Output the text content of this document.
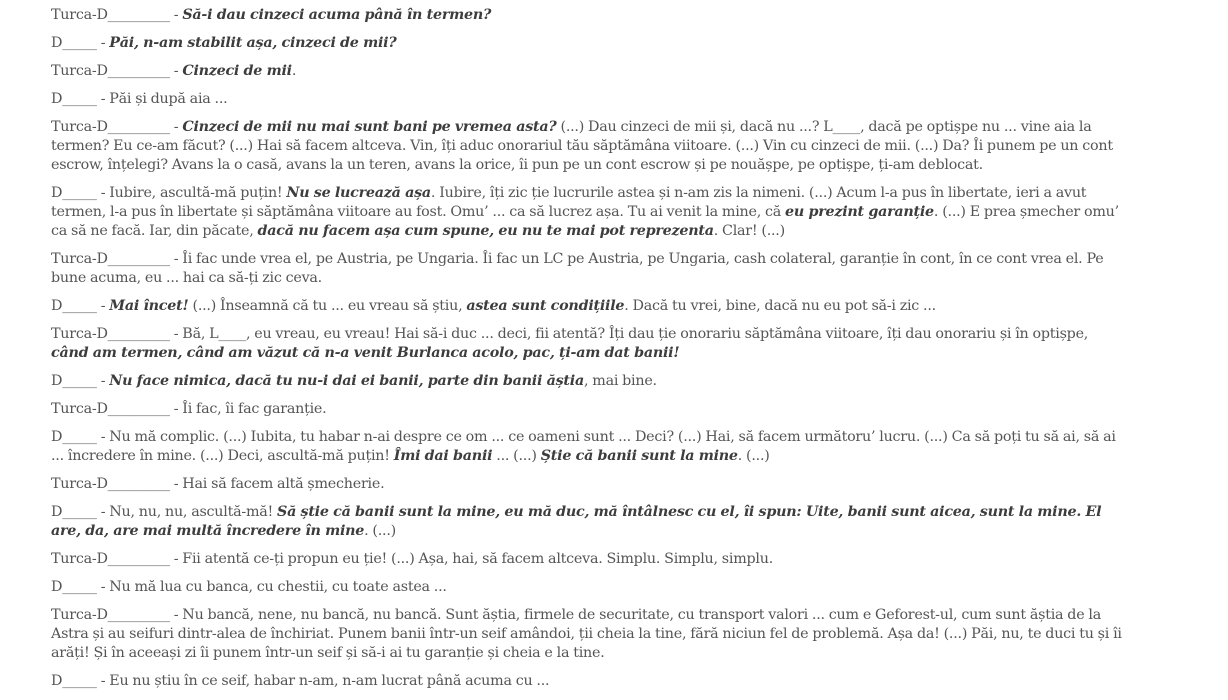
Turca-D_________ - Să-i dau cinzeci acuma până în termen?

D_____ - Păi, n-am stabilit așa, cinzeci de mii?

Turca-D_________ - Cinzeci de mii.

D_____ - Păi și după aia ...

Turca-D_________ - Cinzeci de mii nu mai sunt bani pe vremea asta? (...) Dau cinzeci de mii și, dacă nu ...? L____, dacă pe optișpe nu ... vine aia la termen? Eu ce-am făcut? (...) Hai să facem altceva. Vin, îți aduc onorariul tău săptămâna viitoare. (...) Vin cu cinzeci de mii. (...) Da? Îi punem pe un cont escrow, înțelegi? Avans la o casă, avans la un teren, avans la orice, îi pun pe un cont escrow și pe nouășpe, pe optișpe, ți-am deblocat.

D_____ - Iubire, ascultă-mă puțin! Nu se lucrează așa. Iubire, îți zic ție lucrurile astea și n-am zis la nimeni. (...) Acum l-a pus în libertate, ieri a avut termen, l-a pus în libertate și săptămâna viitoare au fost. Omu’ ... ca să lucrez așa. Tu ai venit la mine, că eu prezint garanție. (...) E prea șmecher omu’ ca să ne facă. Iar, din păcate, dacă nu facem așa cum spune, eu nu te mai pot reprezenta. Clar! (...)

Turca-D_________ - Îi fac unde vrea el, pe Austria, pe Ungaria. Îi fac un LC pe Austria, pe Ungaria, cash colateral, garanție în cont, în ce cont vrea el. Pe bune acuma, eu ... hai ca să-ți zic ceva.

D_____ - Mai încet! (...) Înseamnă că tu ... eu vreau să știu, astea sunt condițiile. Dacă tu vrei, bine, dacă nu eu pot să-i zic ...

Turca-D_________ - Bă, L____, eu vreau, eu vreau! Hai să-i duc ... deci, fii atentă? Îți dau ție onorariu săptămâna viitoare, îți dau onorariu și în optișpe, când am termen, când am văzut că n-a venit Burlanca acolo, pac, ți-am dat banii!

D_____ - Nu face nimica, dacă tu nu-i dai ei banii, parte din banii ăștia, mai bine.

Turca-D_________ - Îi fac, îi fac garanție.

D_____ - Nu mă complic. (...) Iubita, tu habar n-ai despre ce om ... ce oameni sunt ... Deci? (...) Hai, să facem următoru’ lucru. (...) Ca să poți tu să ai, să ai ... încredere în mine. (...) Deci, ascultă-mă puțin! Îmi dai banii ... (...) Știe că banii sunt la mine. (...)

Turca-D_________ - Hai să facem altă șmecherie.

D_____ - Nu, nu, nu, ascultă-mă! Să știe că banii sunt la mine, eu mă duc, mă întâlnesc cu el, îi spun: Uite, banii sunt aicea, sunt la mine. El are, da, are mai multă încredere în mine. (...)

Turca-D_________ - Fii atentă ce-ți propun eu ție! (...) Așa, hai, să facem altceva. Simplu. Simplu, simplu.

D_____ - Nu mă lua cu banca, cu chestii, cu toate astea ...

Turca-D_________ - Nu bancă, nene, nu bancă, nu bancă. Sunt ăștia, firmele de securitate, cu transport valori ... cum e Geforest-ul, cum sunt ăștia de la Astra și au seifuri dintr-alea de închiriat. Punem banii într-un seif amândoi, ții cheia la tine, fără niciun fel de problemă. Așa da! (...) Păi, nu, te duci tu și îi arăți! Și în aceeași zi îi punem într-un seif și să-i ai tu garanție și cheia e la tine.

D_____ - Eu nu știu în ce seif, habar n-am, n-am lucrat până acuma cu ...
